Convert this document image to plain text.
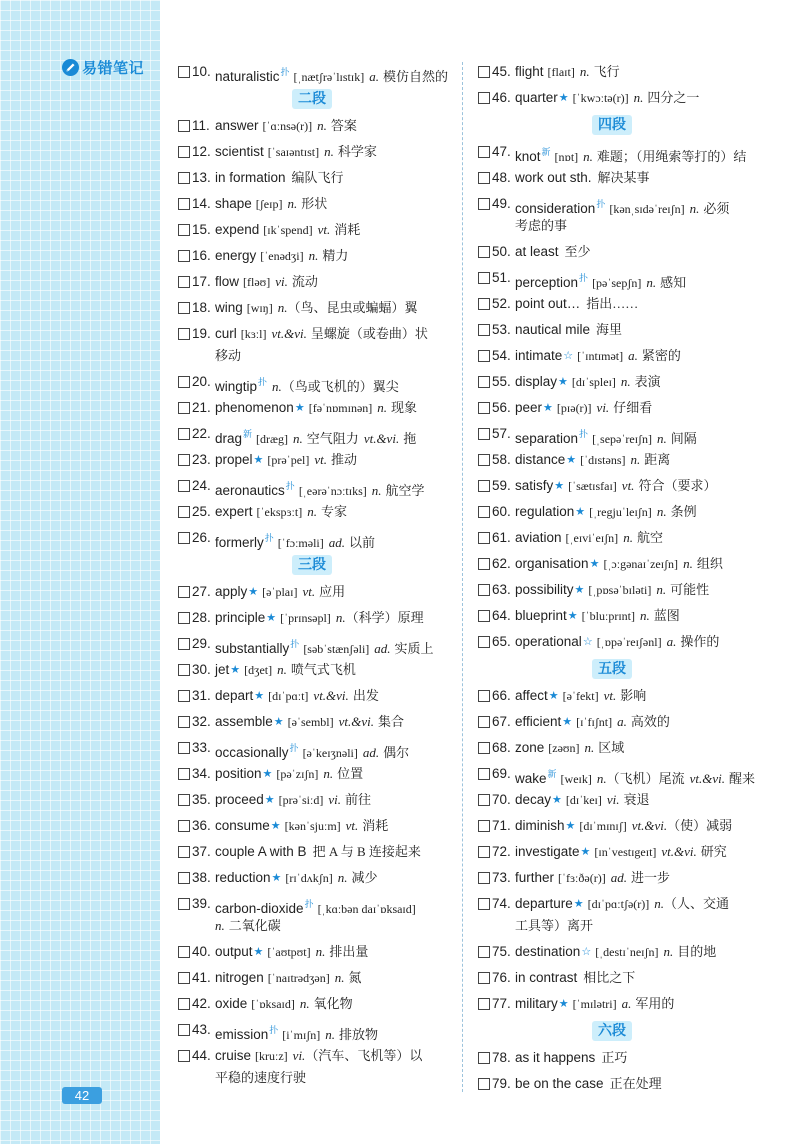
易错笔记
42
10. naturalistic$^扑$ [ˌnætʃrəˈlɪstɪk] a. 模仿自然的
二段
11. answer [ˈɑːnsə(r)] n. 答案
12. scientist [ˈsaɪəntɪst] n. 科学家
13. in formation 编队飞行
14. shape [ʃeɪp] n. 形状
15. expend [ɪkˈspend] vt. 消耗
16. energy [ˈenədʒi] n. 精力
17. flow [fləʊ] vi. 流动
18. wing [wɪŋ] n.（鸟、昆虫或蝙蝠）翼
19. curl [kɜːl] vt.&vi. 呈螺旋（或卷曲）状
移动
20. wingtip$^扑$ n.（鸟或飞机的）翼尖
21. phenomenon★ [fəˈnɒmɪnən] n. 现象
22. drag$^新$ [dræg] n. 空气阻力 vt.&vi. 拖
23. propel★ [prəˈpel] vt. 推动
24. aeronautics$^扑$ [ˌeərəˈnɔːtɪks] n. 航空学
25. expert [ˈekspɜːt] n. 专家
26. formerly$^扑$ [ˈfɔːməli] ad. 以前
三段
27. apply★ [əˈplaɪ] vt. 应用
28. principle★ [ˈprɪnsəpl] n.（科学）原理
29. substantially$^扑$ [səbˈstænʃəli] ad. 实质上
30. jet★ [dʒet] n. 喷气式飞机
31. depart★ [dɪˈpɑːt] vt.&vi. 出发
32. assemble★ [əˈsembl] vt.&vi. 集合
33. occasionally$^扑$ [əˈkeɪʒnəli] ad. 偶尔
34. position★ [pəˈzɪʃn] n. 位置
35. proceed★ [prəˈsiːd] vi. 前往
36. consume★ [kənˈsjuːm] vt. 消耗
37. couple A with B 把 A 与 B 连接起来
38. reduction★ [rɪˈdʌkʃn] n. 减少
39. carbon-dioxide$^扑$ [ˌkɑːbən daɪˈɒksaɪd]
n. 二氧化碳
40. output★ [ˈaʊtpʊt] n. 排出量
41. nitrogen [ˈnaɪtrədʒən] n. 氮
42. oxide [ˈɒksaɪd] n. 氧化物
43. emission$^扑$ [iˈmɪʃn] n. 排放物
44. cruise [kruːz] vi.（汽车、飞机等）以
平稳的速度行驶
45. flight [flaɪt] n. 飞行
46. quarter★ [ˈkwɔːtə(r)] n. 四分之一
四段
47. knot$^新$ [nɒt] n. 难题；（用绳索等打的）结
48. work out sth. 解决某事
49. consideration$^扑$ [kənˌsɪdəˈreɪʃn] n. 必须
考虑的事
50. at least 至少
51. perception$^扑$ [pəˈsepʃn] n. 感知
52. point out… 指出……
53. nautical mile 海里
54. intimate☆ [ˈɪntɪmət] a. 紧密的
55. display★ [dɪˈspleɪ] n. 表演
56. peer★ [pɪə(r)] vi. 仔细看
57. separation$^扑$ [ˌsepəˈreɪʃn] n. 间隔
58. distance★ [ˈdɪstəns] n. 距离
59. satisfy★ [ˈsætɪsfaɪ] vt. 符合（要求）
60. regulation★ [ˌregjuˈleɪʃn] n. 条例
61. aviation [ˌeɪviˈeɪʃn] n. 航空
62. organisation★ [ˌɔːgənaɪˈzeɪʃn] n. 组织
63. possibility★ [ˌpɒsəˈbɪləti] n. 可能性
64. blueprint★ [ˈbluːprɪnt] n. 蓝图
65. operational☆ [ˌɒpəˈreɪʃənl] a. 操作的
五段
66. affect★ [əˈfekt] vt. 影响
67. efficient★ [ɪˈfɪʃnt] a. 高效的
68. zone [zəʊn] n. 区域
69. wake$^新$ [weɪk] n.（飞机）尾流 vt.&vi. 醒来
70. decay★ [dɪˈkeɪ] vi. 衰退
71. diminish★ [dɪˈmɪnɪʃ] vt.&vi.（使）减弱
72. investigate★ [ɪnˈvestɪgeɪt] vt.&vi. 研究
73. further [ˈfɜːðə(r)] ad. 进一步
74. departure★ [dɪˈpɑːtʃə(r)] n.（人、交通
工具等）离开
75. destination☆ [ˌdestɪˈneɪʃn] n. 目的地
76. in contrast 相比之下
77. military★ [ˈmɪlətri] a. 军用的
六段
78. as it happens 正巧
79. be on the case 正在处理
